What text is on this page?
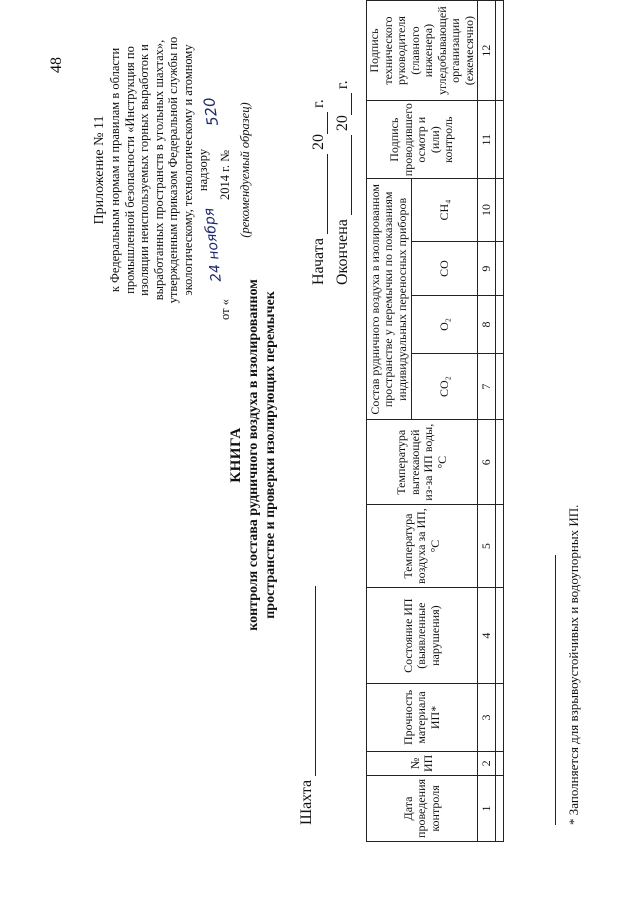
48
Приложение № 11 к Федеральным нормам и правилам в области промышленной безопасности «Инструкция по изоляции неиспользуемых горных выработок и выработанных пространств в угольных шахтах», утвержденным приказом Федеральной службы по экологическому, технологическому и атомному надзору
от «
24 ноября
2014 г. №
520 (рекомендуемый образец)
КНИГА контроля состава рудничного воздуха в изолированном пространстве и проверки изолирующих перемычек
Шахта
Начата  20 г.
Окончена  20 г.
Дата проведения контроля	№ ИП	Прочность материала ИП*	Состояние ИП (выявленные нарушения)	Температура воздуха за ИП, °С	Температура вытекающей из-за ИП воды, °С	Состав рудничного воздуха в изолированном пространстве у перемычки по показаниям индивидуальных переносных приборов				Подпись проводившего осмотр и (или) контроль	Подпись технического руководителя (главного инженера) угледобывающей организации (ежемесячно)
						CO₂	O₂	CO	CH₄		
1	2	3	4	5	6	7	8	9	10	11	12

* Заполняется для взрывоустойчивых и водоупорных ИП.
